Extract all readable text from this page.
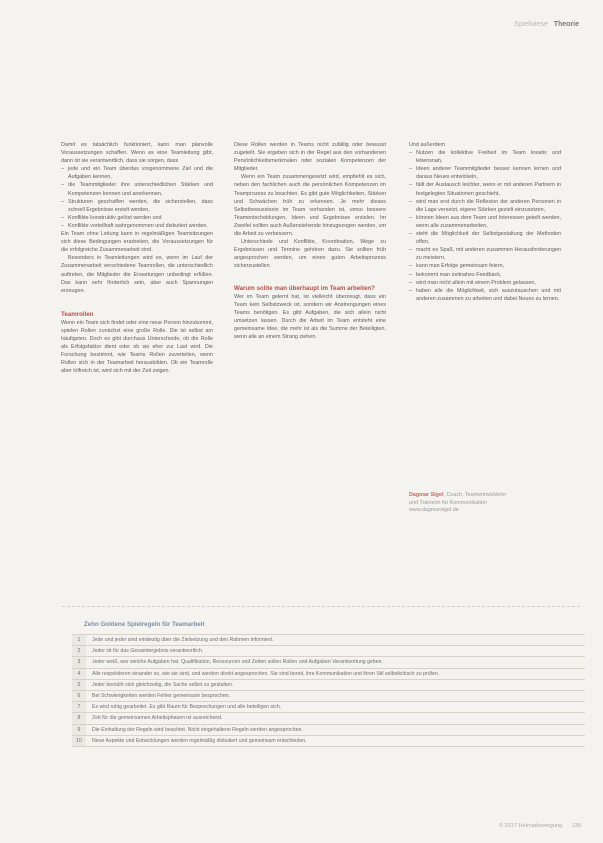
Spielwiese Theorie

Damit es tatsächlich funktioniert, kann man planvolle Voraussetzungen schaffen. Wenn es eine Teamleitung gibt, dann ist sie verantwortlich, dass sie sorgen, dass

– jede und ein Team überdas vorgenommene Ziel und die Aufgaben kennen,
– die Teammitglieder ihre unterschiedlichen Stärken und Kompetenzen kennen und anerkennen,
– Strukturen geschaffen werden, die sicherstellen, dass schnell Ergebnisse erzielt werden,
– Konflikte konstruktiv gelöst werden und
– Konflikte vorteilhaft wahrgenommen und diskutiert werden.

Ein Team ohne Leitung kann in regelmäßigen Teamsitzungen sich diese Bedingungen erarbeiten, die Voraussetzungen für die erfolgreiche Zusammenarbeit sind.

Besonders in Teamleitungen wird es, wenn im Lauf der Zusammenarbeit verschiedene Teamrollen, die unterschiedlich auftreten, die Mitglieder die Erwartungen unbedingt erfüllen. Das kann sehr förderlich sein, aber auch Spannungen erzeugen.

Teamrollen

Wenn ein Team sich findet oder eine neue Person hinzukommt, spielen Rollen zunächst eine große Rolle. Die ist selbst am häufigsten. Doch es gibt durchaus Unterschiede, ob die Rolle als Erfolgsfaktor dient oder ob sie eher zur Last wird. Die Forschung bestimmt, wie Teams Rollen zuverteilen, wenn Rollen sich in der Teamarbeit herausbilden. Ob ein Teamrolle aber hilfreich ist, wird sich mit der Zeit zeigen.

Diese Rollen werden in Teams nicht zufällig oder bewusst zugeteilt. Sie ergeben sich in der Regel aus den vorhandenen Persönlichkeitsmerkmalen oder sozialen Kompetenzen der Mitglieder.

Wenn ein Team zusammengesetzt wird, empfiehlt es sich, neben den fachlichen auch die persönlichen Kompetenzen im Teamprozess zu beachten. Es gibt gute Möglichkeiten, Stärken und Schwächen früh zu erkennen. Je mehr dieses Selbstbewusstsein im Team vorhanden ist, umso bessere Teamentscheidungen, Ideen und Ergebnisse erzielen. Im Zweifel sollten auch Außenstehende hinzugezogen werden, um die Arbeit zu verbessern.

Unterschiede und Konflikte, Koordination, Wege zu Ergebnissen und Termine gehören dazu. Sie sollten früh angesprochen werden, um einen guten Arbeitsprozess sicherzustellen.

Warum sollte man überhaupt im Team arbeiten?

Wer im Team gelernt hat, ist vielleicht überzeugt, dass ein Team kein Selbstzweck ist, sondern wir Anstrengungen eines Teams benötigen. Es gibt Aufgaben, die sich allein nicht umsetzen lassen. Durch die Arbeit im Team entsteht eine gemeinsame Idee, die mehr ist als die Summe der Beteiligten, wenn alle an einem Strang ziehen.

Und außerdem

– Nutzen die kollektive Freiheit im Team kreativ und lebensnah,
– Ideen anderer Teammitglieder besser kennen lernen und daraus Neues entwickeln,
– fällt der Austausch leichter, wenn er mit anderen Partnern in festgelegten Situationen geschieht,
– wird man erst durch die Reflexion der anderen Personen in die Lage versetzt, eigene Stärken gezielt einzusetzen,
– können Ideen aus dem Team und Interessen geteilt werden, wenn alle zusammenarbeiten,
– steht die Möglichkeit der Selbstgestaltung der Methoden offen,
– macht es Spaß, mit anderen zusammen Herausforderungen zu meistern,
– kann man Erfolge gemeinsam feiern,
– bekommt man zeitnahes Feedback,
– wird man nicht allein mit einem Problem gelassen,
– haben alle die Möglichkeit, sich auszutauschen und mit anderen zusammen zu arbeiten und dabei Neues zu lernen.
Dagmar Sigel, Coach, Teamentwicklerin
und Trainerin für Kommunikation
www.dagmarsigel.de
Zehn Goldene Spielregeln für Teamarbeit
1	Jede und jeder sind eindeutig über die Zielsetzung und den Rahmen informiert.
2	Jeder ist für das Gesamtergebnis verantwortlich.
3	Jeder weiß, wer welche Aufgaben hat. Qualifikation, Ressourcen und Zeiten sollen Rollen und Aufgaben Verantwortung geben.
4	Alle respektieren einander so, wie sie sind, und werden direkt angesprochen. Sie sind bereit, ihre Kommunikation und ihren Stil selbstkritisch zu prüfen.
5	Jeder bemüht sich gleichzeitig, die Sache selbst zu gestalten.
6	Bei Schwierigkeiten werden Fehler gemeinsam besprochen.
7	Es wird ruhig gearbeitet. Es gibt Raum für Besprechungen und alle beteiligen sich.
8	Zeit für die gemeinsamen Arbeitsphasen ist ausreichend.
9	Die Einhaltung der Regeln wird beachtet. Nicht eingehaltene Regeln werden angesprochen.
10	Neue Aspekte und Entwicklungen werden regelmäßig diskutiert und gemeinsam entschieden.
© 2017 Heimatbewegung 139
